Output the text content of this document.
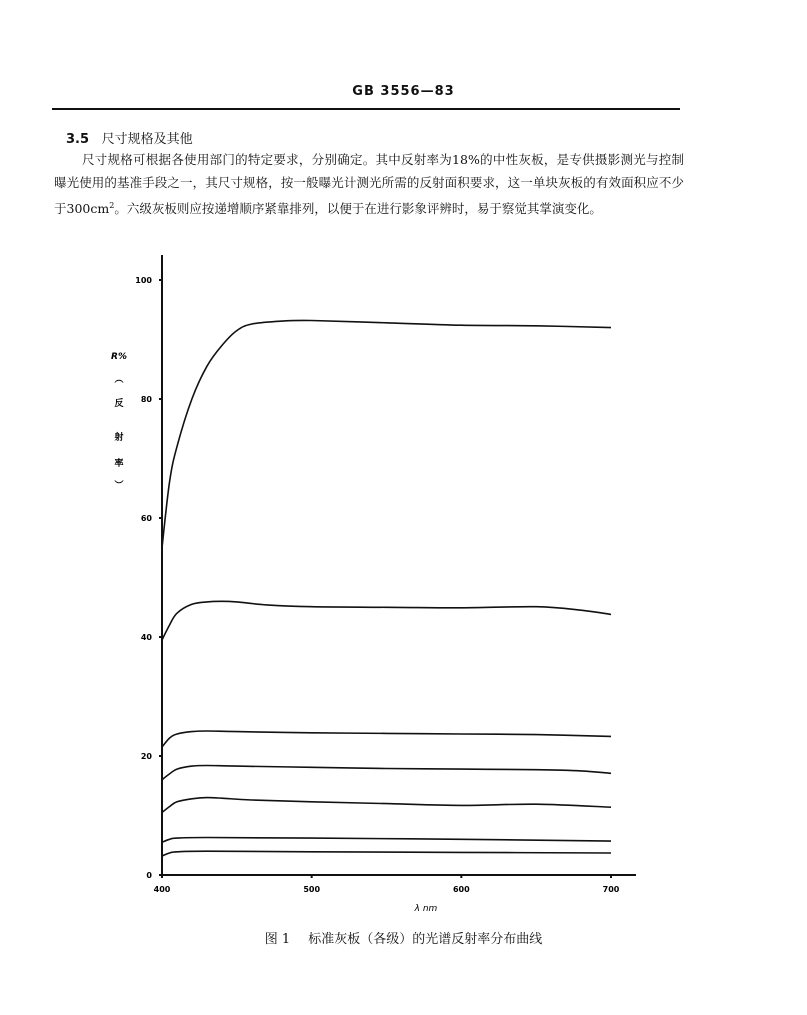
GB 3556—83
3.5 尺寸规格及其他
尺寸规格可根据各使用部门的特定要求，分别确定。其中反射率为18%的中性灰板，是专供摄影测光与控制曝光使用的基准手段之一，其尺寸规格，按一般曝光计测光所需的反射面积要求，这一单块灰板的有效面积应不少于$300cm^2$。六级灰板则应按递增顺序紧靠排列，以便于在进行影象评辨时，易于察觉其掌演变化。
0
20
40
60
80
100
400	500	600	700
λ nm
R%
︵
反
射
率
︶
图 1 标准灰板（各级）的光谱反射率分布曲线
